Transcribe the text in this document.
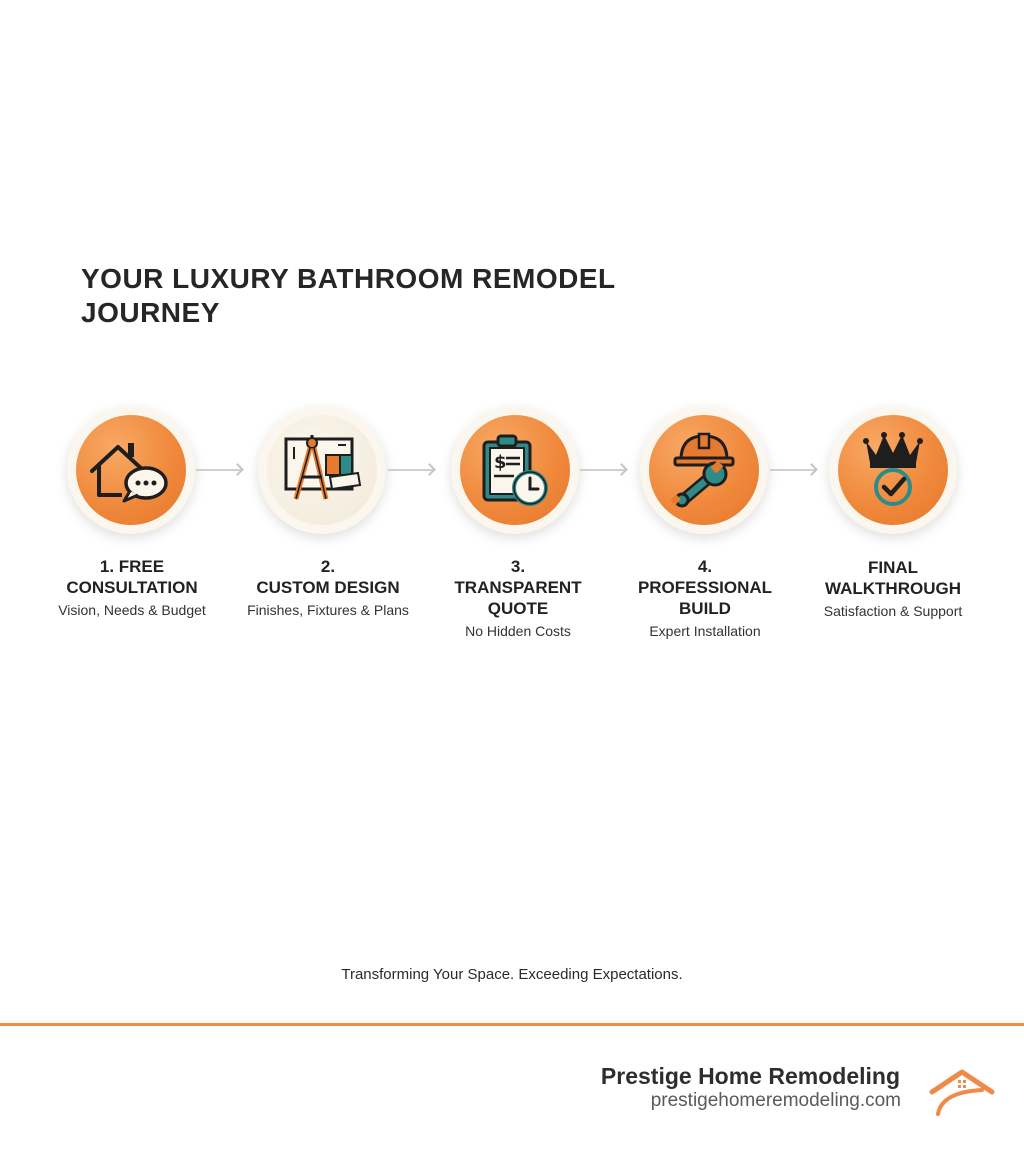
YOUR LUXURY BATHROOM REMODEL JOURNEY
$
1. FREE
CONSULTATION
Vision, Needs & Budget
2.
CUSTOM DESIGN
Finishes, Fixtures & Plans
3.
TRANSPARENT
QUOTE
No Hidden Costs
4.
PROFESSIONAL
BUILD
Expert Installation
FINAL
WALKTHROUGH
Satisfaction & Support
Transforming Your Space. Exceeding Expectations.
Prestige Home Remodeling
prestigehomeremodeling.com
